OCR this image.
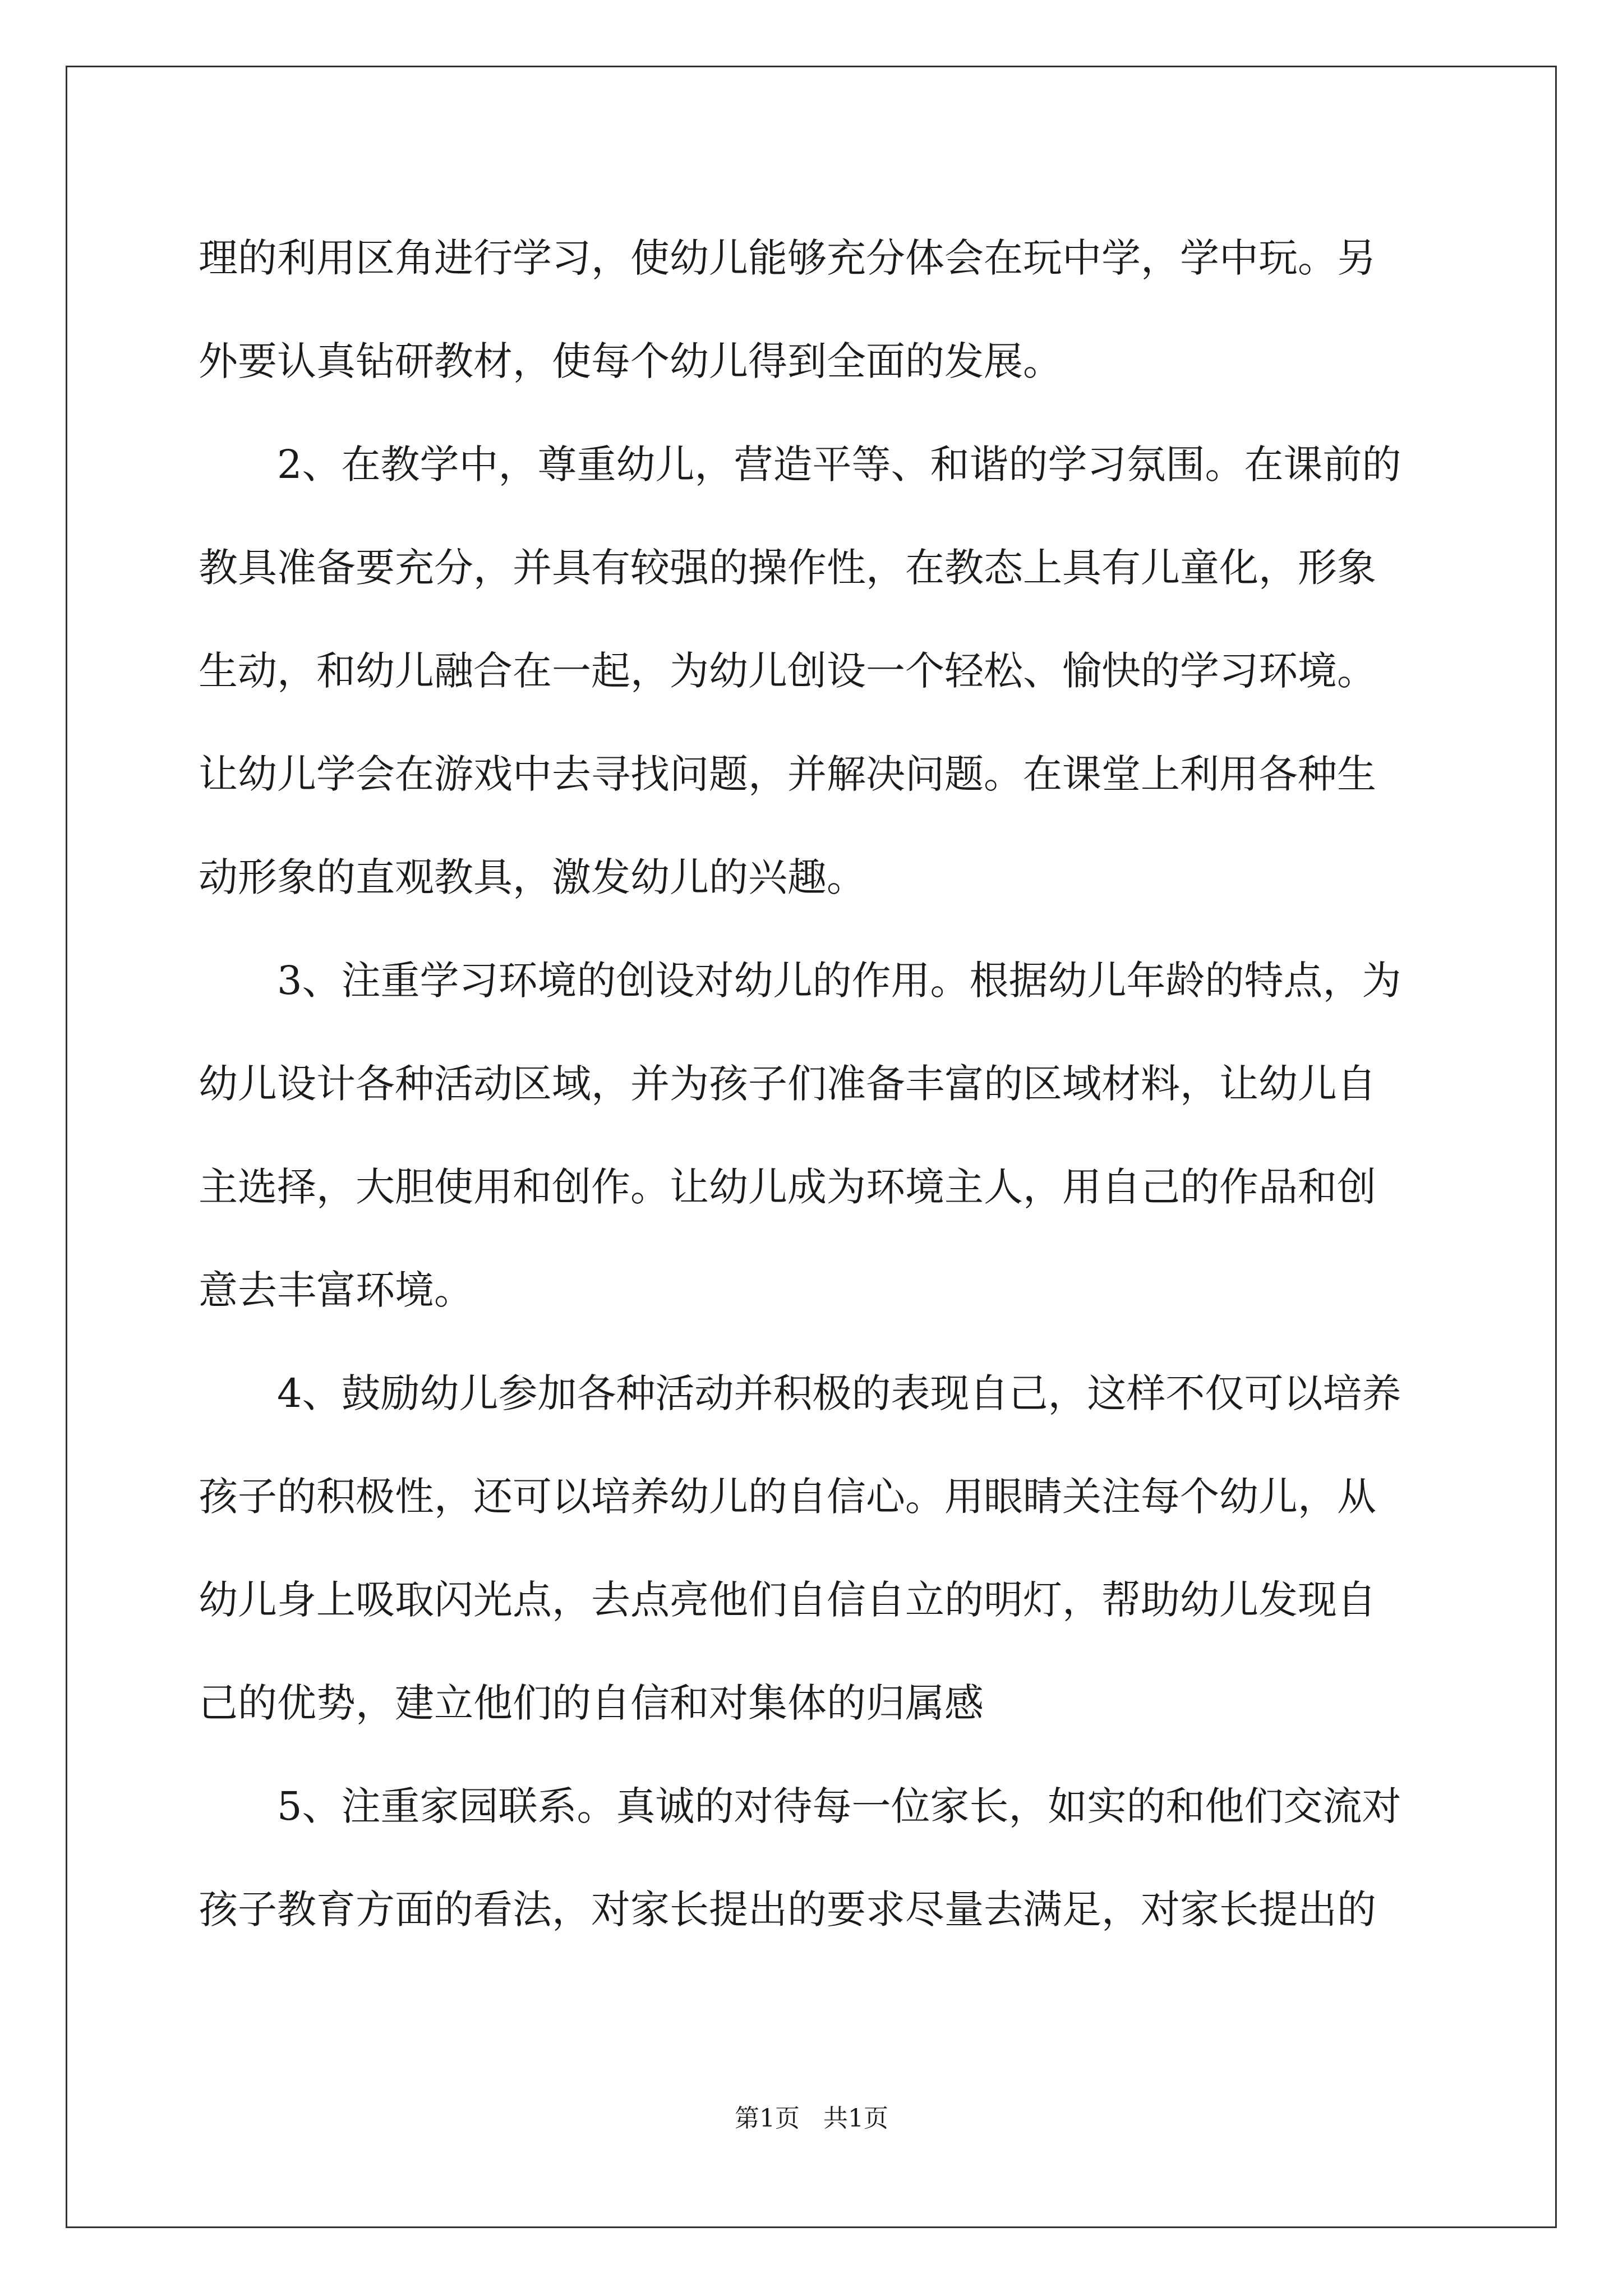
理的利用区角进行学习，使幼儿能够充分体会在玩中学，学中玩。另
外要认真钻研教材，使每个幼儿得到全面的发展。
2、在教学中，尊重幼儿，营造平等、和谐的学习氛围。在课前的
教具准备要充分，并具有较强的操作性，在教态上具有儿童化，形象
生动，和幼儿融合在一起，为幼儿创设一个轻松、愉快的学习环境。
让幼儿学会在游戏中去寻找问题，并解决问题。在课堂上利用各种生
动形象的直观教具，激发幼儿的兴趣。
3、注重学习环境的创设对幼儿的作用。根据幼儿年龄的特点，为
幼儿设计各种活动区域，并为孩子们准备丰富的区域材料，让幼儿自
主选择，大胆使用和创作。让幼儿成为环境主人，用自己的作品和创
意去丰富环境。
4、鼓励幼儿参加各种活动并积极的表现自己，这样不仅可以培养
孩子的积极性，还可以培养幼儿的自信心。用眼睛关注每个幼儿，从
幼儿身上吸取闪光点，去点亮他们自信自立的明灯，帮助幼儿发现自
己的优势，建立他们的自信和对集体的归属感
5、注重家园联系。真诚的对待每一位家长，如实的和他们交流对
孩子教育方面的看法，对家长提出的要求尽量去满足，对家长提出的
第1页   共1页
